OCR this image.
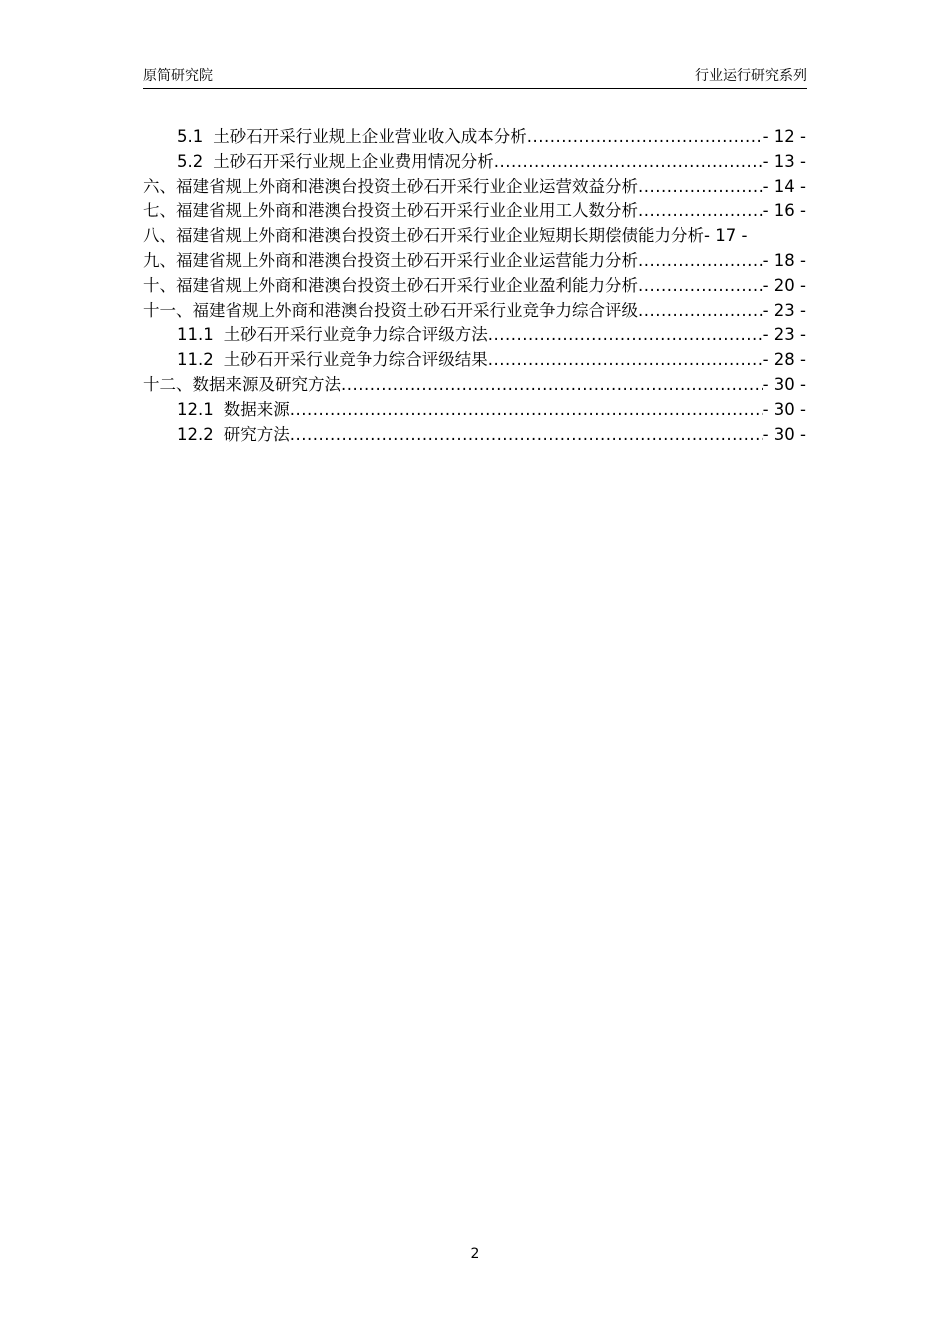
原简研究院	行业运行研究系列
5.1 土砂石开采行业规上企业营业收入成本分析 .....	- 12 -
5.2 土砂石开采行业规上企业费用情况分析 .....	- 13 -
六、福建省规上外商和港澳台投资土砂石开采行业企业运营效益分析 .....	- 14 -
七、福建省规上外商和港澳台投资土砂石开采行业企业用工人数分析 .....	- 16 -
八、福建省规上外商和港澳台投资土砂石开采行业企业短期长期偿债能力分析- 17 -
九、福建省规上外商和港澳台投资土砂石开采行业企业运营能力分析 .....	- 18 -
十、福建省规上外商和港澳台投资土砂石开采行业企业盈利能力分析 .....	- 20 -
十一、福建省规上外商和港澳台投资土砂石开采行业竞争力综合评级 .....	- 23 -
11.1 土砂石开采行业竞争力综合评级方法 .....	- 23 -
11.2 土砂石开采行业竞争力综合评级结果 .....	- 28 -
十二、数据来源及研究方法 .....	- 30 -
12.1 数据来源 .....	- 30 -
12.2 研究方法 .....	- 30 -
2
